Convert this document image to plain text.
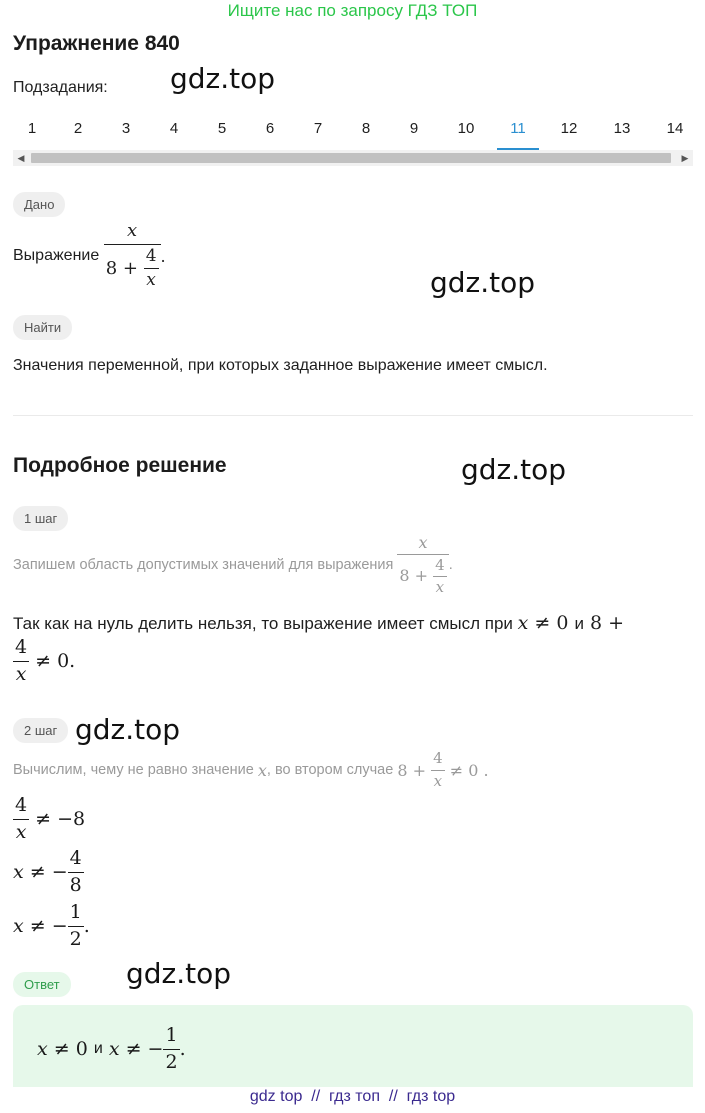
Ищите нас по запросу ГДЗ ТОП
Упражнение 840
Подзадания: gdz.top
gdz.top
gdz.top
gdz.top
gdz.top
1	2	3	4	5	6	7	8	9	10	11	12	13	14
◀	▶
Дано
Выражение
$\frac{x}{8 + \frac{4}{x}}$ .
Найти
Значения переменной, при которых заданное выражение имеет смысл.
Подробное решение
1 шаг
Запишем область допустимых значений для выражения
$\frac{x}{8 + \frac{4}{x}}$ .
Так как на нуль делить нельзя, то выражение имеет смысл при x ≠ 0 и 8 +
$\frac{4}{x} \ne 0$.
2 шаг
Вычислим, чему не равно значение
x , во втором случае
$8 + \frac{4}{x} \ne 0$ .
$\frac{4}{x} \ne -8$
x ≠ − $\frac{4}{8}$
x ≠ − $\frac{1}{2}$ .
Ответ
x ≠ 0 и x ≠ − $\frac{1}{2}$ .
gdz top  //  гдз топ  //  гдз top
